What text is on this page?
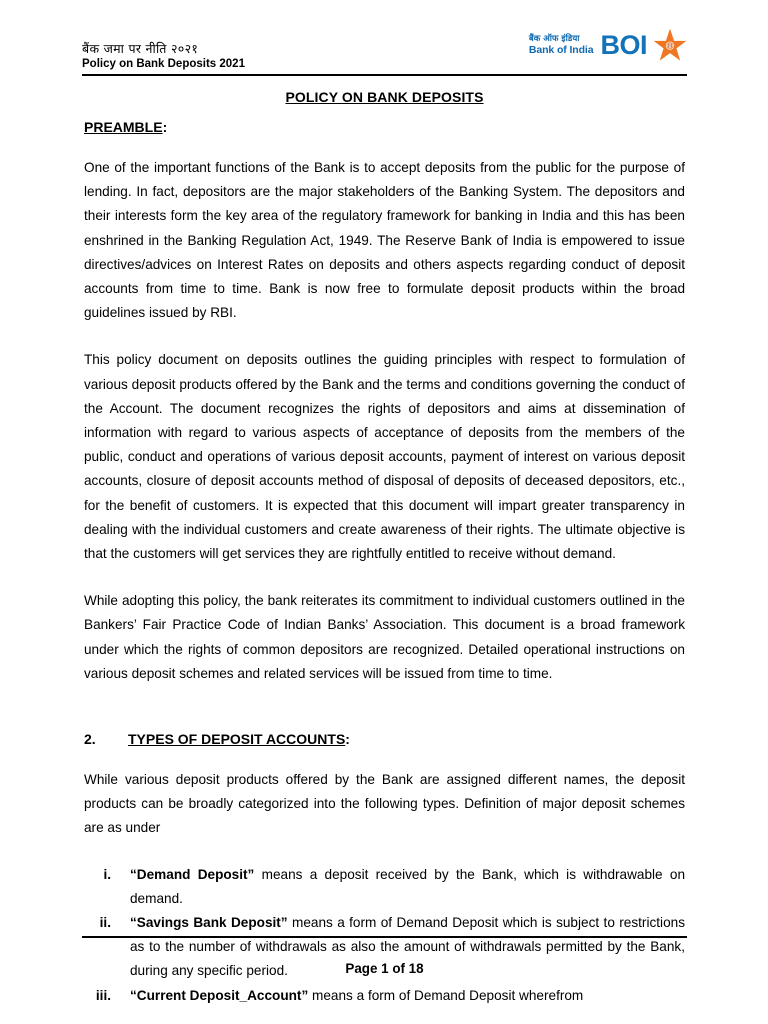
बैंक जमा पर नीति २०२१
Policy on Bank Deposits 2021
बैंक ऑफ इंडिया
Bank of India BOI
POLICY ON BANK DEPOSITS
PREAMBLE:

One of the important functions of the Bank is to accept deposits from the public for the purpose of lending. In fact, depositors are the major stakeholders of the Banking System. The depositors and their interests form the key area of the regulatory framework for banking in India and this has been enshrined in the Banking Regulation Act, 1949. The Reserve Bank of India is empowered to issue directives/advices on Interest Rates on deposits and others aspects regarding conduct of deposit accounts from time to time. Bank is now free to formulate deposit products within the broad guidelines issued by RBI.

This policy document on deposits outlines the guiding principles with respect to formulation of various deposit products offered by the Bank and the terms and conditions governing the conduct of the Account. The document recognizes the rights of depositors and aims at dissemination of information with regard to various aspects of acceptance of deposits from the members of the public, conduct and operations of various deposit accounts, payment of interest on various deposit accounts, closure of deposit accounts method of disposal of deposits of deceased depositors, etc., for the benefit of customers. It is expected that this document will impart greater transparency in dealing with the individual customers and create awareness of their rights. The ultimate objective is that the customers will get services they are rightfully entitled to receive without demand.

While adopting this policy, the bank reiterates its commitment to individual customers outlined in the Bankers’ Fair Practice Code of Indian Banks’ Association. This document is a broad framework under which the rights of common depositors are recognized. Detailed operational instructions on various deposit schemes and related services will be issued from time to time.

2.	TYPES OF DEPOSIT ACCOUNTS:

While various deposit products offered by the Bank are assigned different names, the deposit products can be broadly categorized into the following types. Definition of major deposit schemes are as under

i.	“Demand Deposit” means a deposit received by the Bank, which is withdrawable on demand.
ii.	“Savings Bank Deposit” means a form of Demand Deposit which is subject to restrictions as to the number of withdrawals as also the amount of withdrawals permitted by the Bank, during any specific period.
iii.	“Current Deposit_Account” means a form of Demand Deposit wherefrom
Page 1 of 18
